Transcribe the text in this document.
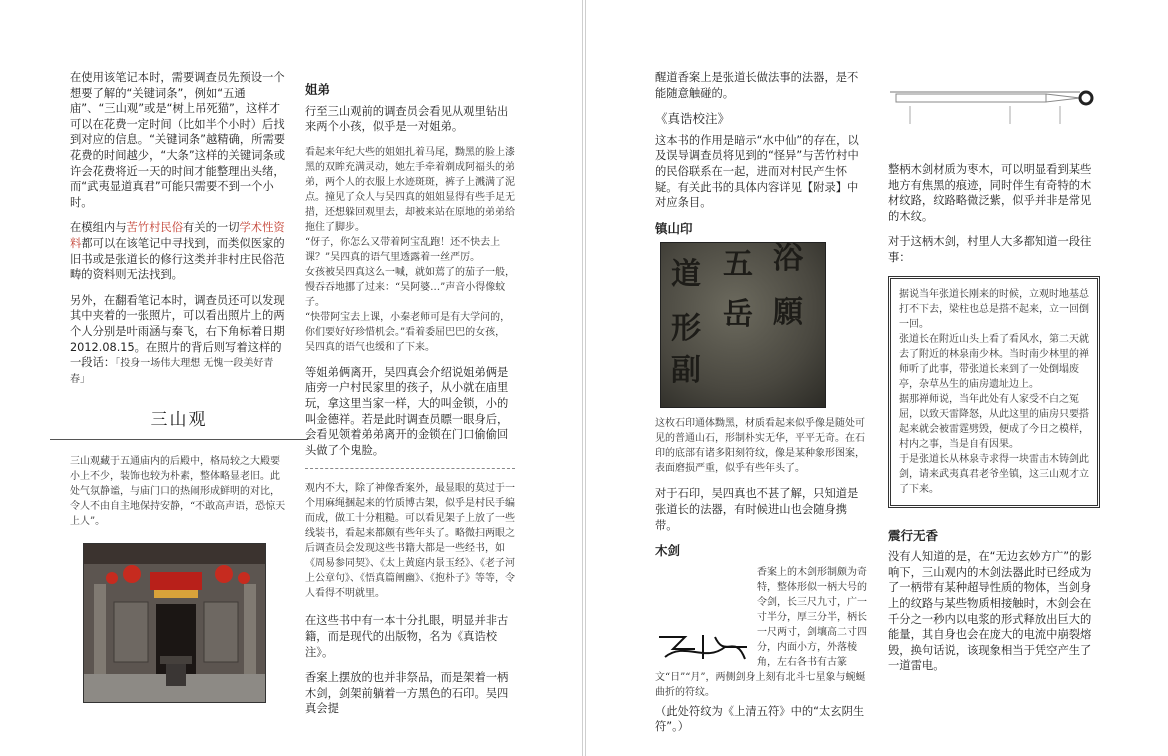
在使用该笔记本时，需要调查员先预设一个想要了解的“关键词条”，例如“五通庙”、“三山观”或是“树上吊死猫”，这样才可以在花费一定时间（比如半个小时）后找到对应的信息。“关键词条”越精确，所需要花费的时间越少，“大条”这样的关键词条或许会花费将近一天的时间才能整理出头绪，而“武夷显道真君”可能只需要不到一个小时。

在模组内与苦竹村民俗有关的一切学术性资料都可以在该笔记中寻找到，而类似医家的旧书或是张道长的修行这类并非村庄民俗范畴的资料则无法找到。

另外，在翻看笔记本时，调查员还可以发现其中夹着的一张照片，可以看出照片上的两个人分别是叶雨涵与秦飞，右下角标着日期2012.08.15。在照片的背后则写着这样的一段话：「投身一场伟大理想 无愧一段美好青春」

三山观
三山观藏于五通庙内的后殿中，格局较之大殿要小上不少，装饰也较为朴素，整体略显老旧。此处气氛静谧，与庙门口的热闹形成鲜明的对比，令人不由自主地保持安静，“不敢高声语，恐惊天上人”。
姐弟

行至三山观前的调查员会看见从观里钻出来两个小孩，似乎是一对姐弟。

看起来年纪大些的姐姐扎着马尾，黝黑的脸上漆黑的双眸充满灵动，她左手牵着剃成阿福头的弟弟，两个人的衣服上水迹斑斑，裤子上溅满了泥点。撞见了众人与吴四真的姐姐显得有些手足无措，还想躲回观里去，却被来站在原地的弟弟给拖住了脚步。
“伢子，你怎么又带着阿宝乱跑！还不快去上课？”吴四真的语气里透露着一丝严厉。
女孩被吴四真这么一喊，就如蔫了的茄子一般，慢吞吞地挪了过来：“吴阿婆…”声音小得像蚊子。
“快带阿宝去上课，小秦老师可是有大学问的，你们要好好珍惜机会。”看着委屈巴巴的女孩，吴四真的语气也缓和了下来。

等姐弟俩离开，吴四真会介绍说姐弟俩是庙旁一户村民家里的孩子，从小就在庙里玩，拿这里当家一样，大的叫金锁，小的叫金德祥。若是此时调查员瞟一眼身后，会看见领着弟弟离开的金锁在门口偷偷回头做了个鬼脸。

观内不大，除了神像香案外，最显眼的莫过于一个用麻绳捆起来的竹质博古架，似乎是村民手编而成，做工十分粗糙。可以看见架子上放了一些线装书，看起来都颇有些年头了。略微扫两眼之后调查员会发现这些书籍大都是一些经书，如《周易参同契》、《太上黄庭内景玉经》、《老子河上公章句》、《悟真篇阐幽》、《抱朴子》等等，令人看得不明就里。

在这些书中有一本十分扎眼，明显并非古籍，而是现代的出版物，名为《真诰校注》。

香案上摆放的也并非祭品，而是架着一柄木剑，剑架前躺着一方黑色的石印。吴四真会提

醒道香案上是张道长做法事的法器，是不能随意触碰的。

《真诰校注》

这本书的作用是暗示“水中仙”的存在，以及误导调查员将见到的“怪异”与苦竹村中的民俗联系在一起，进而对村民产生怀疑。有关此书的具体内容详见【附录】中对应条目。

镇山印
道 五 浴
岳 願
形
副
这枚石印通体黝黑，材质看起来似乎像是随处可见的普通山石，形制朴实无华，平平无奇。在石印的底部有诸多阳刻符纹，像是某种象形图案，表面磨损严重，似乎有些年头了。

对于石印，吴四真也不甚了解，只知道是张道长的法器，有时候进山也会随身携带。

木剑
香案上的木剑形制颇为奇特，整体形似一柄大号的令剑，长三尺九寸，广一寸半分，厚三分半，柄长一尺两寸，剑壤高二寸四分，内面小方，外落棱角，左右各书有古篆文“日”“月”，两侧剑身上刻有北斗七星象与蜿蜒曲折的符纹。

（此处符纹为《上清五符》中的“太玄阴生符”。）

整柄木剑材质为枣木，可以明显看到某些地方有焦黑的痕迹，同时伴生有奇特的木材纹路，纹路略微泛紫，似乎并非是常见的木纹。

对于这柄木剑，村里人大多都知道一段往事：

据说当年张道长刚来的时候，立观时地基总打不下去，梁柱也总是搭不起来，立一回倒一回。
张道长在附近山头上看了看风水，第二天就去了附近的林泉南少林。当时南少林里的禅师听了此事，带张道长来到了一处倒塌废亭，杂草丛生的庙房遗址边上。
据那禅师说，当年此处有人家受不白之冤屈，以致天雷降怒，从此这里的庙房只要搭起来就会被雷霆劈毁，便成了今日之模样，村内之事，当是自有因果。
于是张道长从林泉寺求得一块雷击木铸剑此剑，请来武夷真君老爷坐镇，这三山观才立了下来。
震行无香

没有人知道的是，在“无边玄妙方广”的影响下，三山观内的木剑法器此时已经成为了一柄带有某种超导性质的物体，当剑身上的纹路与某些物质相接触时，木剑会在千分之一秒内以电浆的形式释放出巨大的能量，其自身也会在庞大的电流中崩裂熔毁，换句话说，该现象相当于凭空产生了一道雷电。
